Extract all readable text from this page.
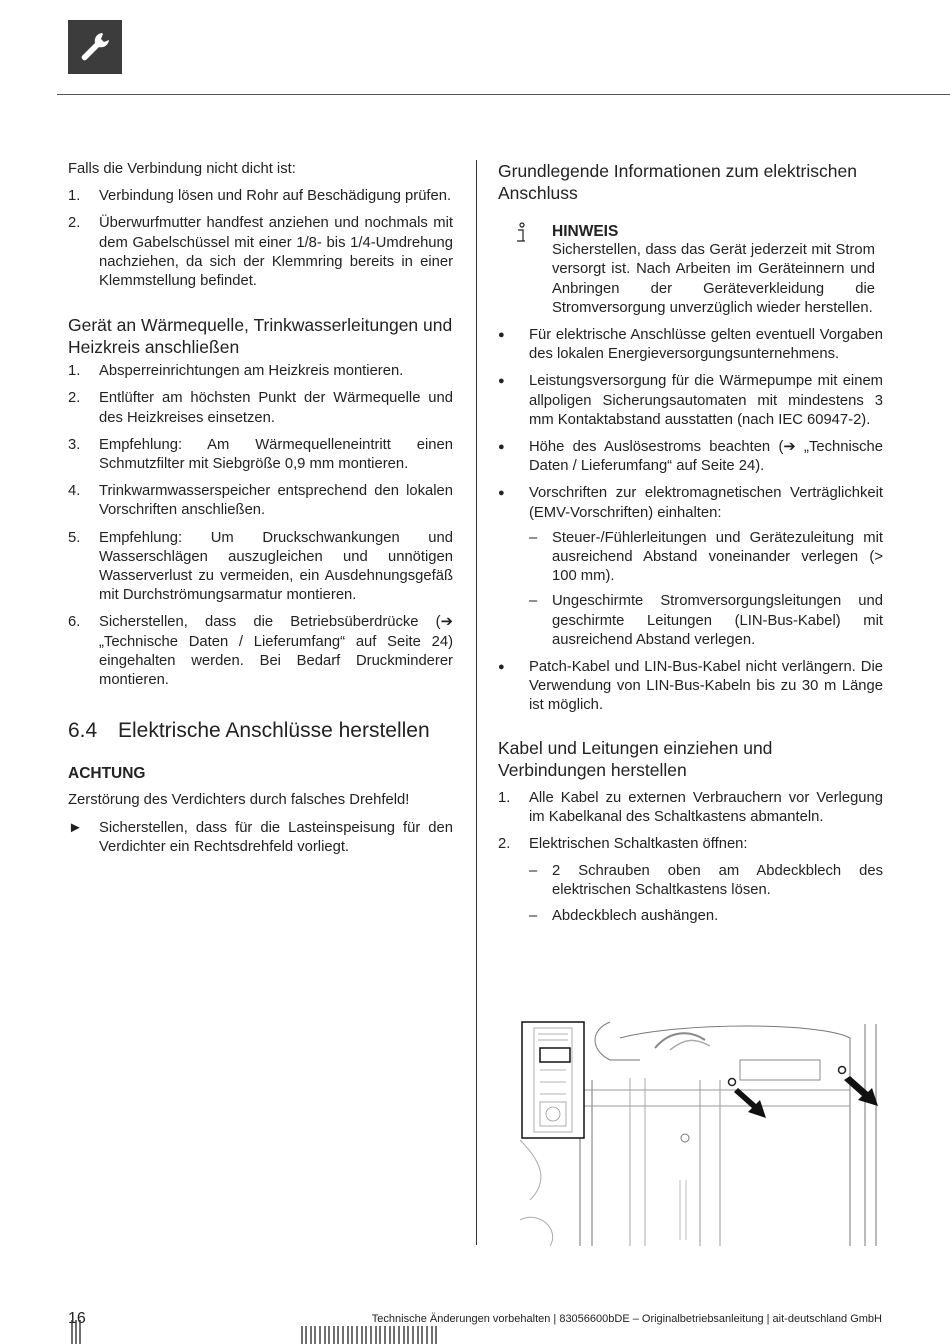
Falls die Verbindung nicht dicht ist:

1.	Verbindung lösen und Rohr auf Beschädigung prüfen.
2.	Überwurfmutter handfest anziehen und nochmals mit dem Gabelschüssel mit einer 1/8- bis 1/4-Umdrehung nachziehen, da sich der Klemmring bereits in einer Klemmstellung befindet.
Gerät an Wärmequelle, Trinkwasserleitungen und Heizkreis anschließen
1.	Absperreinrichtungen am Heizkreis montieren.
2.	Entlüfter am höchsten Punkt der Wärmequelle und des Heizkreises einsetzen.
3.	Empfehlung: Am Wärmequelleneintritt einen Schmutzfilter mit Siebgröße 0,9 mm montieren.
4.	Trinkwarmwasserspeicher entsprechend den lokalen Vorschriften anschließen.
5.	Empfehlung: Um Druckschwankungen und Wasserschlägen auszugleichen und unnötigen Wasserverlust zu vermeiden, ein Ausdehnungsgefäß mit Durchströmungsarmatur montieren.
6.	Sicherstellen, dass die Betriebsüberdrücke (➔ „Technische Daten / Lieferumfang“ auf Seite 24) eingehalten werden. Bei Bedarf Druckminderer montieren.
6.4 Elektrische Anschlüsse herstellen
ACHTUNG

Zerstörung des Verdichters durch falsches Drehfeld!

►	Sicherstellen, dass für die Lasteinspeisung für den Verdichter ein Rechtsdrehfeld vorliegt.
Grundlegende Informationen zum elektrischen Anschluss
HINWEIS

Sicherstellen, dass das Gerät jederzeit mit Strom versorgt ist. Nach Arbeiten im Geräteinnern und Anbringen der Geräteverkleidung die Stromversorgung unverzüglich wieder herstellen.

●	Für elektrische Anschlüsse gelten eventuell Vorgaben des lokalen Energieversorgungsunternehmens.
●	Leistungsversorgung für die Wärmepumpe mit einem allpoligen Sicherungsautomaten mit mindestens 3 mm Kontaktabstand ausstatten (nach IEC 60947-2).
●	Höhe des Auslösestroms beachten (➔ „Technische Daten / Lieferumfang“ auf Seite 24).
●	Vorschriften zur elektromagnetischen Verträglichkeit (EMV-Vorschriften) einhalten:
– Steuer-/Fühlerleitungen und Gerätezuleitung mit ausreichend Abstand voneinander verlegen (> 100 mm).
– Ungeschirmte Stromversorgungsleitungen und geschirmte Leitungen (LIN-Bus-Kabel) mit ausreichend Abstand verlegen.
●	Patch-Kabel und LIN-Bus-Kabel nicht verlängern. Die Verwendung von LIN-Bus-Kabeln bis zu 30 m Länge ist möglich.
Kabel und Leitungen einziehen und Verbindungen herstellen
1.	Alle Kabel zu externen Verbrauchern vor Verlegung im Kabelkanal des Schaltkastens abmanteln.
2.	Elektrischen Schaltkasten öffnen:
– 2 Schrauben oben am Abdeckblech des elektrischen Schaltkastens lösen.
– Abdeckblech aushängen.
16	Technische Änderungen vorbehalten | 83056600bDE – Originalbetriebsanleitung | ait-deutschland GmbH
